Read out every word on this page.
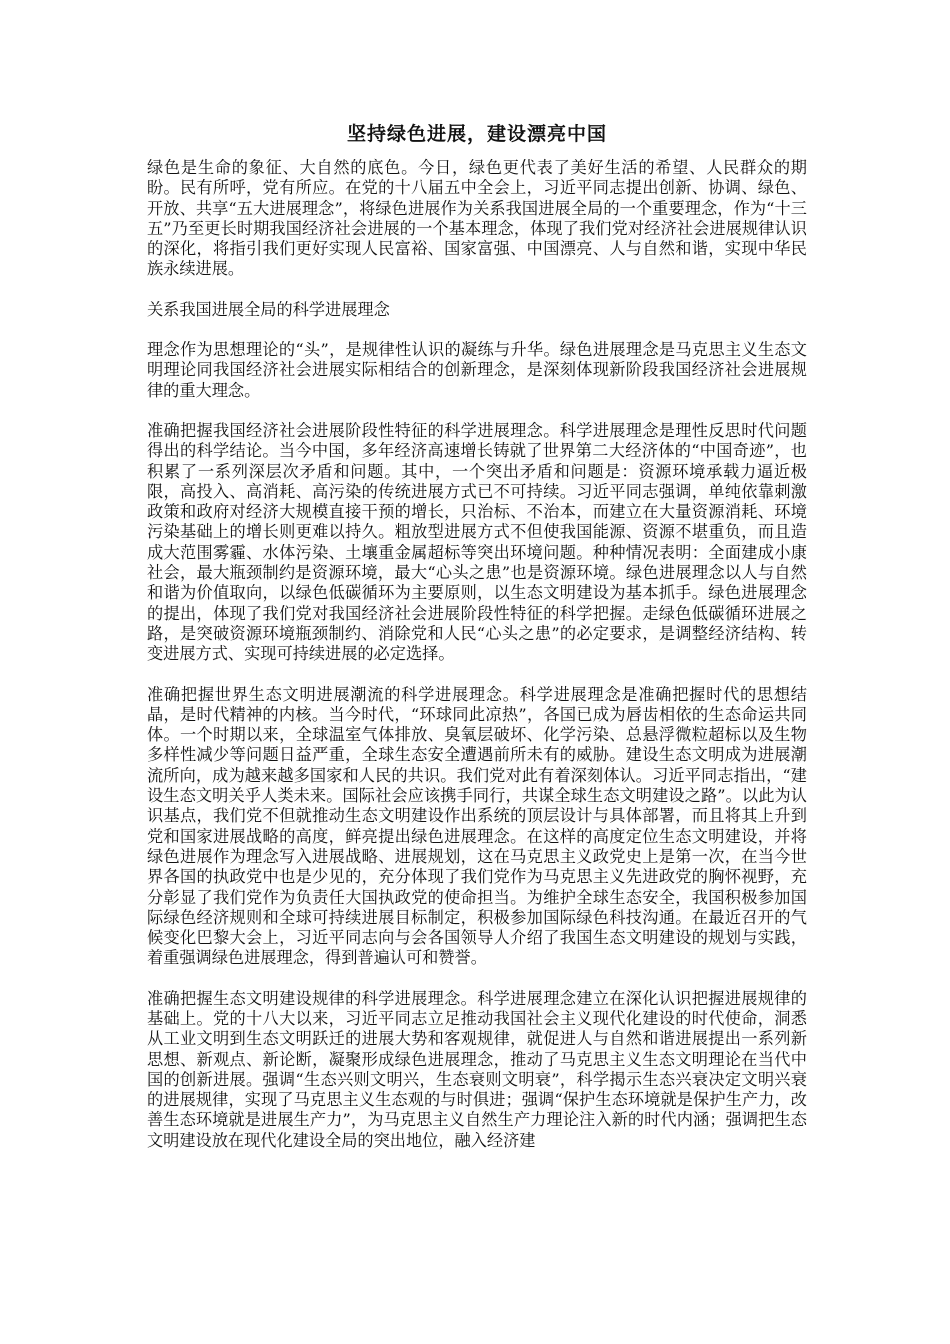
坚持绿色进展，建设漂亮中国

绿色是生命的象征、大自然的底色。今日，绿色更代表了美好生活的希望、人民群众的期盼。民有所呼，党有所应。在党的十八届五中全会上，习近平同志提出创新、协调、绿色、开放、共享“五大进展理念”，将绿色进展作为关系我国进展全局的一个重要理念，作为“十三五”乃至更长时期我国经济社会进展的一个基本理念，体现了我们党对经济社会进展规律认识的深化，将指引我们更好实现人民富裕、国家富强、中国漂亮、人与自然和谐，实现中华民族永续进展。

关系我国进展全局的科学进展理念

理念作为思想理论的“头”，是规律性认识的凝练与升华。绿色进展理念是马克思主义生态文明理论同我国经济社会进展实际相结合的创新理念，是深刻体现新阶段我国经济社会进展规律的重大理念。

准确把握我国经济社会进展阶段性特征的科学进展理念。科学进展理念是理性反思时代问题得出的科学结论。当今中国，多年经济高速增长铸就了世界第二大经济体的“中国奇迹”，也积累了一系列深层次矛盾和问题。其中，一个突出矛盾和问题是：资源环境承载力逼近极限，高投入、高消耗、高污染的传统进展方式已不可持续。习近平同志强调，单纯依靠刺激政策和政府对经济大规模直接干预的增长，只治标、不治本，而建立在大量资源消耗、环境污染基础上的增长则更难以持久。粗放型进展方式不但使我国能源、资源不堪重负，而且造成大范围雾霾、水体污染、土壤重金属超标等突出环境问题。种种情况表明：全面建成小康社会，最大瓶颈制约是资源环境，最大“心头之患”也是资源环境。绿色进展理念以人与自然和谐为价值取向，以绿色低碳循环为主要原则，以生态文明建设为基本抓手。绿色进展理念的提出，体现了我们党对我国经济社会进展阶段性特征的科学把握。走绿色低碳循环进展之路，是突破资源环境瓶颈制约、消除党和人民“心头之患”的必定要求，是调整经济结构、转变进展方式、实现可持续进展的必定选择。

准确把握世界生态文明进展潮流的科学进展理念。科学进展理念是准确把握时代的思想结晶，是时代精神的内核。当今时代，“环球同此凉热”，各国已成为唇齿相依的生态命运共同体。一个时期以来，全球温室气体排放、臭氧层破坏、化学污染、总悬浮微粒超标以及生物多样性减少等问题日益严重，全球生态安全遭遇前所未有的威胁。建设生态文明成为进展潮流所向，成为越来越多国家和人民的共识。我们党对此有着深刻体认。习近平同志指出，“建设生态文明关乎人类未来。国际社会应该携手同行，共谋全球生态文明建设之路”。以此为认识基点，我们党不但就推动生态文明建设作出系统的顶层设计与具体部署，而且将其上升到党和国家进展战略的高度，鲜亮提出绿色进展理念。在这样的高度定位生态文明建设，并将绿色进展作为理念写入进展战略、进展规划，这在马克思主义政党史上是第一次，在当今世界各国的执政党中也是少见的，充分体现了我们党作为马克思主义先进政党的胸怀视野，充分彰显了我们党作为负责任大国执政党的使命担当。为维护全球生态安全，我国积极参加国际绿色经济规则和全球可持续进展目标制定，积极参加国际绿色科技沟通。在最近召开的气候变化巴黎大会上，习近平同志向与会各国领导人介绍了我国生态文明建设的规划与实践，着重强调绿色进展理念，得到普遍认可和赞誉。

准确把握生态文明建设规律的科学进展理念。科学进展理念建立在深化认识把握进展规律的基础上。党的十八大以来，习近平同志立足推动我国社会主义现代化建设的时代使命，洞悉从工业文明到生态文明跃迁的进展大势和客观规律，就促进人与自然和谐进展提出一系列新思想、新观点、新论断，凝聚形成绿色进展理念，推动了马克思主义生态文明理论在当代中国的创新进展。强调“生态兴则文明兴，生态衰则文明衰”，科学揭示生态兴衰决定文明兴衰的进展规律，实现了马克思主义生态观的与时俱进；强调“保护生态环境就是保护生产力，改善生态环境就是进展生产力”，为马克思主义自然生产力理论注入新的时代内涵；强调把生态文明建设放在现代化建设全局的突出地位，融入经济建
